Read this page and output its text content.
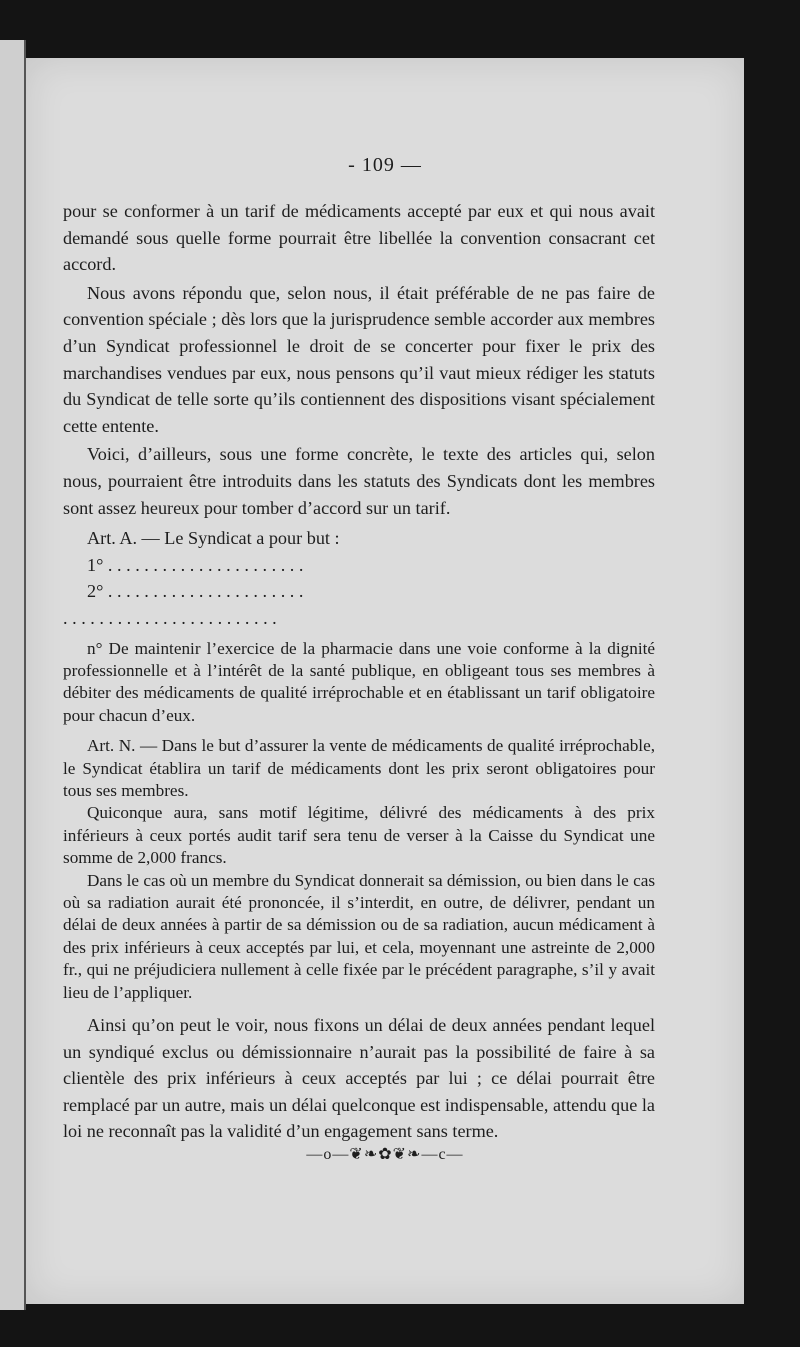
- 109 —

pour se conformer à un tarif de médicaments accepté par eux et qui nous avait demandé sous quelle forme pourrait être libellée la convention consacrant cet accord.

Nous avons répondu que, selon nous, il était préférable de ne pas faire de convention spéciale ; dès lors que la jurisprudence semble accorder aux membres d’un Syndicat professionnel le droit de se concerter pour fixer le prix des marchandises vendues par eux, nous pensons qu’il vaut mieux rédiger les statuts du Syndicat de telle sorte qu’ils contiennent des dispositions visant spécialement cette entente.

Voici, d’ailleurs, sous une forme concrète, le texte des articles qui, selon nous, pourraient être introduits dans les statuts des Syndicats dont les membres sont assez heureux pour tomber d’accord sur un tarif.

Art. A. — Le Syndicat a pour but :

1° . . . . . . . . . . . . . . . . . . . . . .

2° . . . . . . . . . . . . . . . . . . . . . .

. . . . . . . . . . . . . . . . . . . . . . . .

n° De maintenir l’exercice de la pharmacie dans une voie conforme à la dignité professionnelle et à l’intérêt de la santé publique, en obligeant tous ses membres à débiter des médicaments de qualité irréprochable et en établissant un tarif obligatoire pour chacun d’eux.

Art. N. — Dans le but d’assurer la vente de médicaments de qualité irréprochable, le Syndicat établira un tarif de médicaments dont les prix seront obligatoires pour tous ses membres.

Quiconque aura, sans motif légitime, délivré des médicaments à des prix inférieurs à ceux portés audit tarif sera tenu de verser à la Caisse du Syndicat une somme de 2,000 francs.

Dans le cas où un membre du Syndicat donnerait sa démission, ou bien dans le cas où sa radiation aurait été prononcée, il s’interdit, en outre, de délivrer, pendant un délai de deux années à partir de sa démission ou de sa radiation, aucun médicament à des prix inférieurs à ceux acceptés par lui, et cela, moyennant une astreinte de 2,000 fr., qui ne préjudiciera nullement à celle fixée par le précédent paragraphe, s’il y avait lieu de l’appliquer.

Ainsi qu’on peut le voir, nous fixons un délai de deux années pendant lequel un syndiqué exclus ou démissionnaire n’aurait pas la possibilité de faire à sa clientèle des prix inférieurs à ceux acceptés par lui ; ce délai pourrait être remplacé par un autre, mais un délai quelconque est indispensable, attendu que la loi ne reconnaît pas la validité d’un engagement sans terme.

—o—❦❧✿❦❧—c—
